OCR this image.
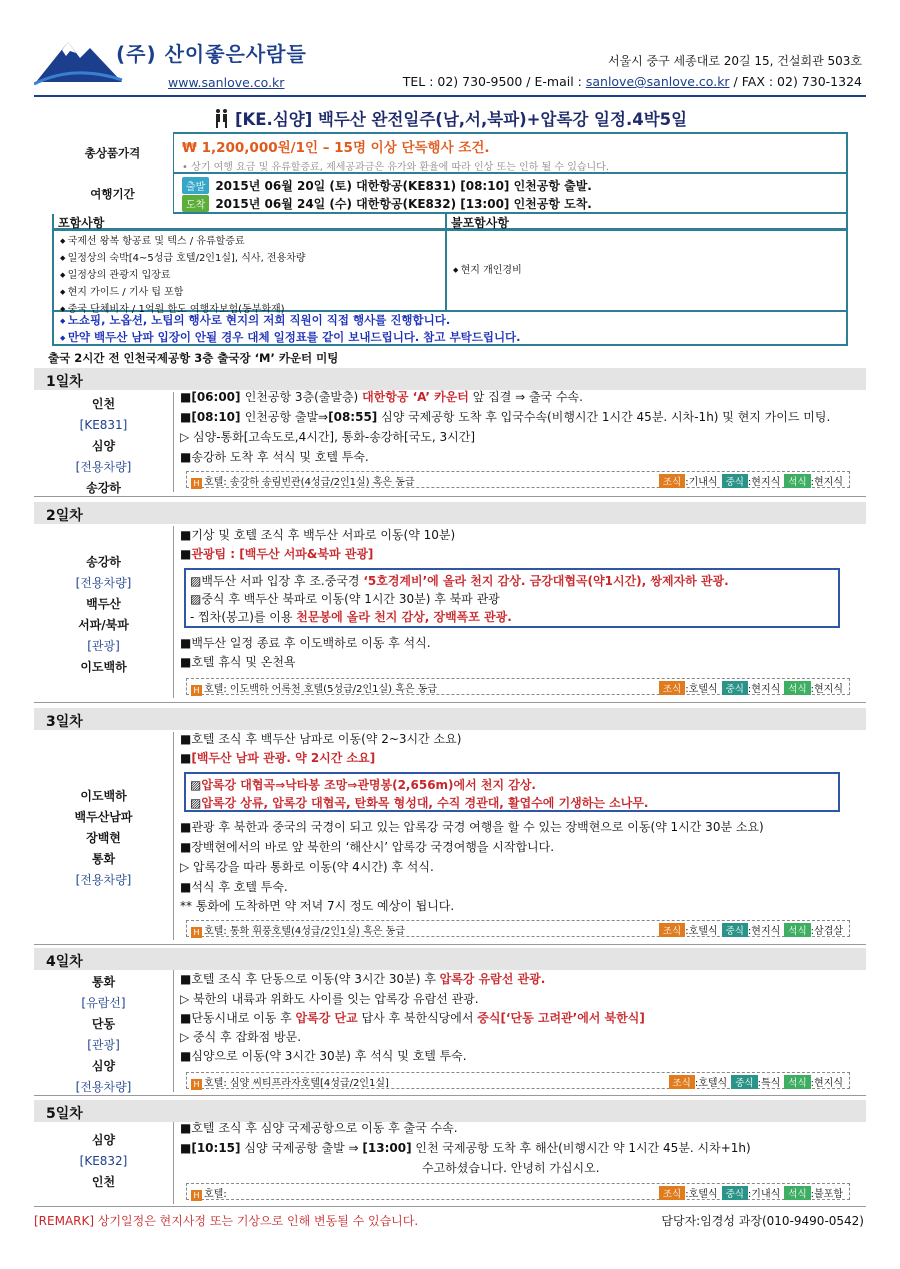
(주) 산이좋은사람들
www.sanlove.co.kr
서울시 중구 세종대로 20길 15, 건설회관 503호
TEL : 02) 730-9500 / E-mail : sanlove@sanlove.co.kr / FAX : 02) 730-1324
[KE.심양] 백두산 완전일주(남,서,북파)+압록강 일정.4박5일
총상품가격	₩ 1,200,000원/1인 – 15명 이상 단독행사 조건.
• 상기 여행 요금 및 유류할증료, 제세공과금은 유가와 환율에 따라 인상 또는 인하 될 수 있습니다.
여행기간	출발 2015년 06월 20일 (토) 대한항공(KE831) [08:10] 인천공항 출발.
도착 2015년 06월 24일 (수) 대한항공(KE832) [13:00] 인천공항 도착.
포함사항	불포함사항
◆ 국제선 왕복 항공료 및 텍스 / 유류할증료
◆ 일정상의 숙박[4~5성급 호텔/2인1실], 식사, 전용차량
◆ 일정상의 관광지 입장료
◆ 현지 가이드 / 기사 팁 포함
◆ 중국 단체비자 / 1억원 한도 여행자보험(동부화재)
◆ 현지 개인경비
◆ 노쇼핑, 노옵션, 노팁의 행사로 현지의 저희 직원이 직접 행사를 진행합니다.
◆ 만약 백두산 남파 입장이 안될 경우 대체 일정표를 같이 보내드립니다. 참고 부탁드립니다.
출국 2시간 전 인천국제공항 3층 출국장 ‘M’ 카운터 미팅
1일차
인천
[KE831]
심양
[전용차량]
송강하
■[06:00] 인천공항 3층(출발층) 대한항공 ‘A’ 카운터 앞 집결 ⇒ 출국 수속.
■[08:10] 인천공항 출발⇒[08:55] 심양 국제공항 도착 후 입국수속(비행시간 1시간 45분. 시차-1h) 및 현지 가이드 미팅.
▷ 심양-통화[고속도로,4시간], 통화-송강하[국도, 3시간]
■송강하 도착 후 석식 및 호텔 투숙.
H 호텔: 송강하 송림빈관(4성급/2인1실) 혹은 동급	조식 :기내식 중식 :현지식 석식 :현지식
2일차
송강하
[전용차량]
백두산
서파/북파
[관광]
이도백하
■기상 및 호텔 조식 후 백두산 서파로 이동(약 10분)
■관광팀 : [백두산 서파&북파 관광]
▨백두산 서파 입장 후 조.중국경 ‘5호경계비’에 올라 천지 감상. 금강대협곡(약1시간), 쌍제자하 관광.
▨중식 후 백두산 북파로 이동(약 1시간 30분) 후 북파 관광
- 찝차(봉고)를 이용 천문봉에 올라 천지 감상, 장백폭포 관광.
■백두산 일정 종료 후 이도백하로 이동 후 석식.
■호텔 휴식 및 온천욕
H 호텔: 이도백하 어록천 호텔(5성급/2인1실) 혹은 동급	조식 :호텔식 중식 :현지식 석식 :현지식
3일차
이도백하
백두산남파
장백현
통화
[전용차량]
■호텔 조식 후 백두산 남파로 이동(약 2~3시간 소요)
■[백두산 남파 관광. 약 2시간 소요]
▨압록강 대협곡⇒낙타봉 조망⇒관명봉(2,656m)에서 천지 감상.
▨압록강 상류, 압록강 대협곡, 탄화목 형성대, 수직 경관대, 활엽수에 기생하는 소나무.
■관광 후 북한과 중국의 국경이 되고 있는 압록강 국경 여행을 할 수 있는 장백현으로 이동(약 1시간 30분 소요)
■장백현에서의 바로 앞 북한의 ‘해산시’ 압록강 국경여행을 시작합니다.
▷ 압록강을 따라 통화로 이동(약 4시간) 후 석식.
■석식 후 호텔 투숙.
** 통화에 도착하면 약 저녁 7시 정도 예상이 됩니다.
H 호텔: 통화 휘풍호텔(4성급/2인1실) 혹은 동급	조식 :호텔식 중식 :현지식 석식 :삼겹살
4일차
통화
[유람선]
단동
[관광]
심양
[전용차량]
■호텔 조식 후 단동으로 이동(약 3시간 30분) 후 압록강 유람선 관광.
▷ 북한의 내륙과 위화도 사이를 잇는 압록강 유람선 관광.
■단동시내로 이동 후 압록강 단교 답사 후 북한식당에서 중식[‘단동 고려관’에서 북한식]
▷ 중식 후 잡화점 방문.
■심양으로 이동(약 3시간 30분) 후 석식 및 호텔 투숙.
H 호텔: 심양 씨티프라자호텔[4성급/2인1실]	조식 :호텔식 중식 :특식 석식 :현지식
5일차
심양
[KE832]
인천
■호텔 조식 후 심양 국제공항으로 이동 후 출국 수속.
■[10:15] 심양 국제공항 출발 ⇒ [13:00] 인천 국제공항 도착 후 해산(비행시간 약 1시간 45분. 시차+1h)
수고하셨습니다. 안녕히 가십시오.
H 호텔:	조식 :호텔식 중식 :기내식 석식 :불포함
[REMARK] 상기일정은 현지사정 또는 기상으로 인해 변동될 수 있습니다.	담당자:임경성 과장(010-9490-0542)
